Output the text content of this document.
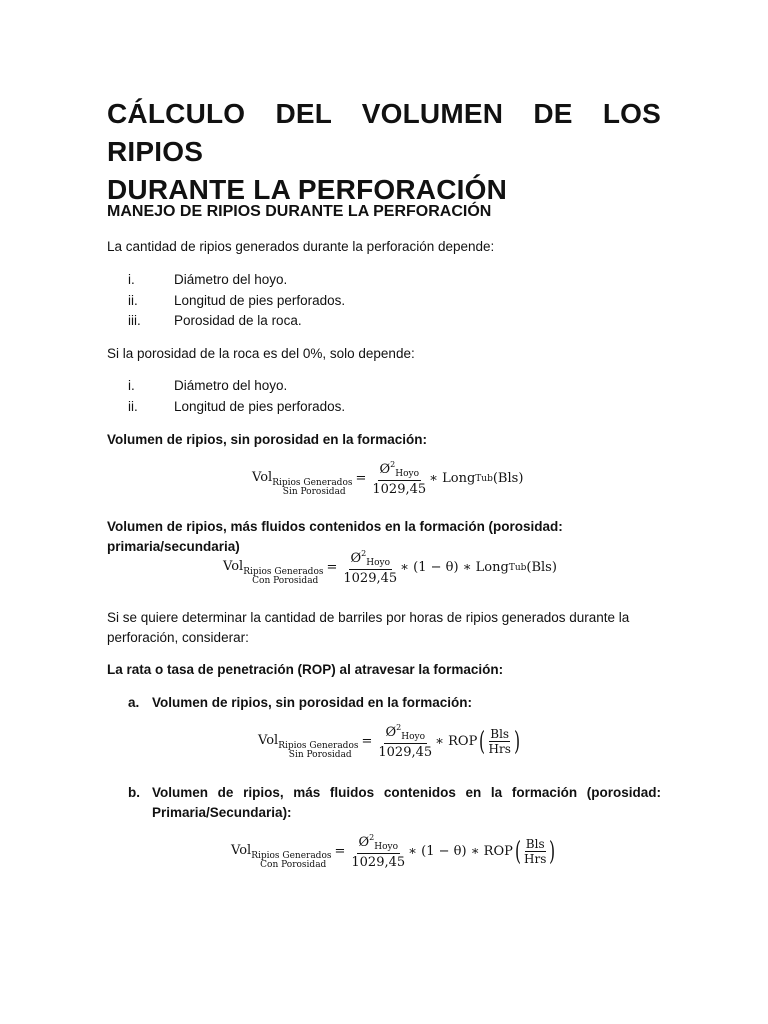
CÁLCULO DEL VOLUMEN DE LOS RIPIOS
DURANTE LA PERFORACIÓN
MANEJO DE RIPIOS DURANTE LA PERFORACIÓN

La cantidad de ripios generados durante la perforación depende:

i.	Diámetro del hoyo.
ii.	Longitud de pies perforados.
iii.	Porosidad de la roca.

Si la porosidad de la roca es del 0%, solo depende:

i.	Diámetro del hoyo.
ii.	Longitud de pies perforados.

Volumen de ripios, sin porosidad en la formación:

Vol$_{Ripios Generados}$
Sin Porosidad
= $\frac{Ø^2_{Hoyo}}{1029,45}$ ∗
Long Tub (Bls)

Volumen de ripios, más fluidos contenidos en la formación (porosidad: primaria/secundaria)

Vol$_{Ripios Generados}$
Con Porosidad
= $\frac{Ø^2_{Hoyo}}{1029,45}$ ∗
(1 − θ)
∗
Long Tub (Bls)

Si se quiere determinar la cantidad de barriles por horas de ripios generados durante la perforación, considerar:

La rata o tasa de penetración (ROP) al atravesar la formación:

a. Volumen de ripios, sin porosidad en la formación:
Vol$_{Ripios Generados}$
Sin Porosidad
= $\frac{Ø^2_{Hoyo}}{1029,45}$ ∗
ROP ( Bls
Hrs )
b. Volumen de ripios, más fluidos contenidos en la formación (porosidad: Primaria/Secundaria):
Vol$_{Ripios Generados}$
Con Porosidad
= $\frac{Ø^2_{Hoyo}}{1029,45}$ ∗
(1 − θ)
∗
ROP ( Bls
Hrs )
